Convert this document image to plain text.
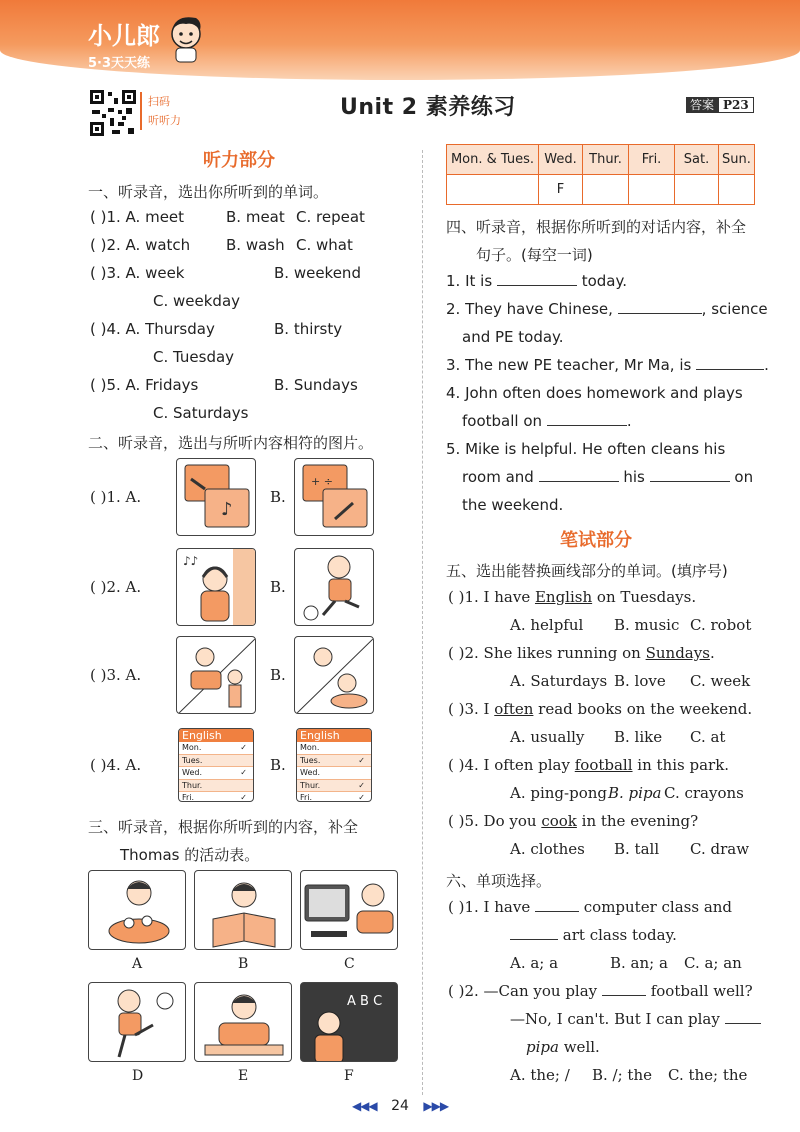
小儿郎
5·3天天练
扫码
听听力
Unit 2 素养练习	答案 P23
听力部分
一、听录音，选出你所听到的单词。
( )1. A. meet	B. meat C. repeat
( )2. A. watch B. wash C. what
( )3. A. week	B. weekend
C. weekday
( )4. A. Thursday	B. thirsty
C. Tuesday
( )5. A. Fridays	B. Sundays
C. Saturdays
二、听录音，选出与所听内容相符的图片。
( )1. A.
♪
B.
+ ÷
( )2. A.
♪♪
B.
( )3. A.	B.
( )4. A.
English
Mon.	✓
Tues.
Wed.	✓
Thur.
Fri.	✓
B.
English
Mon.
Tues.	✓
Wed.
Thur.	✓
Fri.	✓
三、听录音，根据你所听到的内容，补全
Thomas 的活动表。
A	B	C
A B C
D	E	F
Mon. & Tues.	Wed.	Thur.	Fri.	Sat.	Sun.
	F				
四、听录音，根据你所听到的对话内容，补全
句子。(每空一词)
1. It is	today.
2. They have Chinese,	, science
and PE today.
3. The new PE teacher, Mr Ma, is	.
4. John often does homework and plays
football on	.
5. Mike is helpful. He often cleans his
room and	his	on
the weekend.
笔试部分
五、选出能替换画线部分的单词。(填序号)
( )1. I have English on Tuesdays.
A. helpful B. music C. robot
( )2. She likes running on Sundays.
A. Saturdays B. love C. week
( )3. I often read books on the weekend.
A. usually B. like C. at
( )4. I often play football in this park.
A. ping-pong B. pipa C. crayons
( )5. Do you cook in the evening?
A. clothes B. tall C. draw
六、单项选择。
( )1. I have	computer class and
art class today.
A. a; a	B. an; a C. a; an
( )2. —Can you play	football well?
—No, I can't. But I can play
pipa well.
A. the; / B. /; the C. the; the
◀◀◀ 24 ▶▶▶
